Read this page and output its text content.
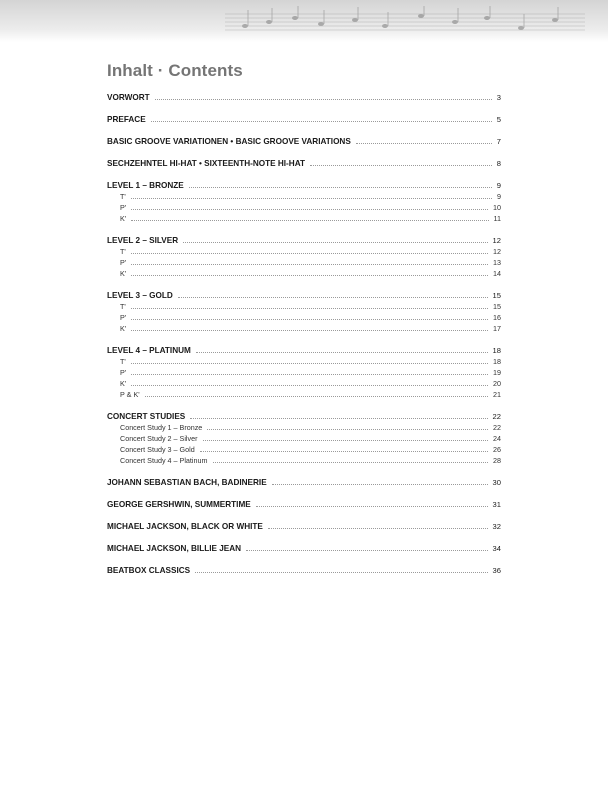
Inhalt · Contents
VORWORT	3
PREFACE	5
BASIC GROOVE VARIATIONEN • BASIC GROOVE VARIATIONS	7
SECHZEHNTEL HI-HAT • SIXTEENTH-NOTE HI-HAT	8
LEVEL 1 – BRONZE	9
T'	9
P'	10
K'	11
LEVEL 2 – SILVER	12
T'	12
P'	13
K'	14
LEVEL 3 – GOLD	15
T'	15
P'	16
K'	17
LEVEL 4 – PLATINUM	18
T'	18
P'	19
K'	20
P & K'	21
CONCERT STUDIES	22
Concert Study 1 – Bronze	22
Concert Study 2 – Silver	24
Concert Study 3 – Gold	26
Concert Study 4 – Platinum	28
JOHANN SEBASTIAN BACH, BADINERIE	30
GEORGE GERSHWIN, SUMMERTIME	31
MICHAEL JACKSON, BLACK OR WHITE	32
MICHAEL JACKSON, BILLIE JEAN	34
BEATBOX CLASSICS	36
